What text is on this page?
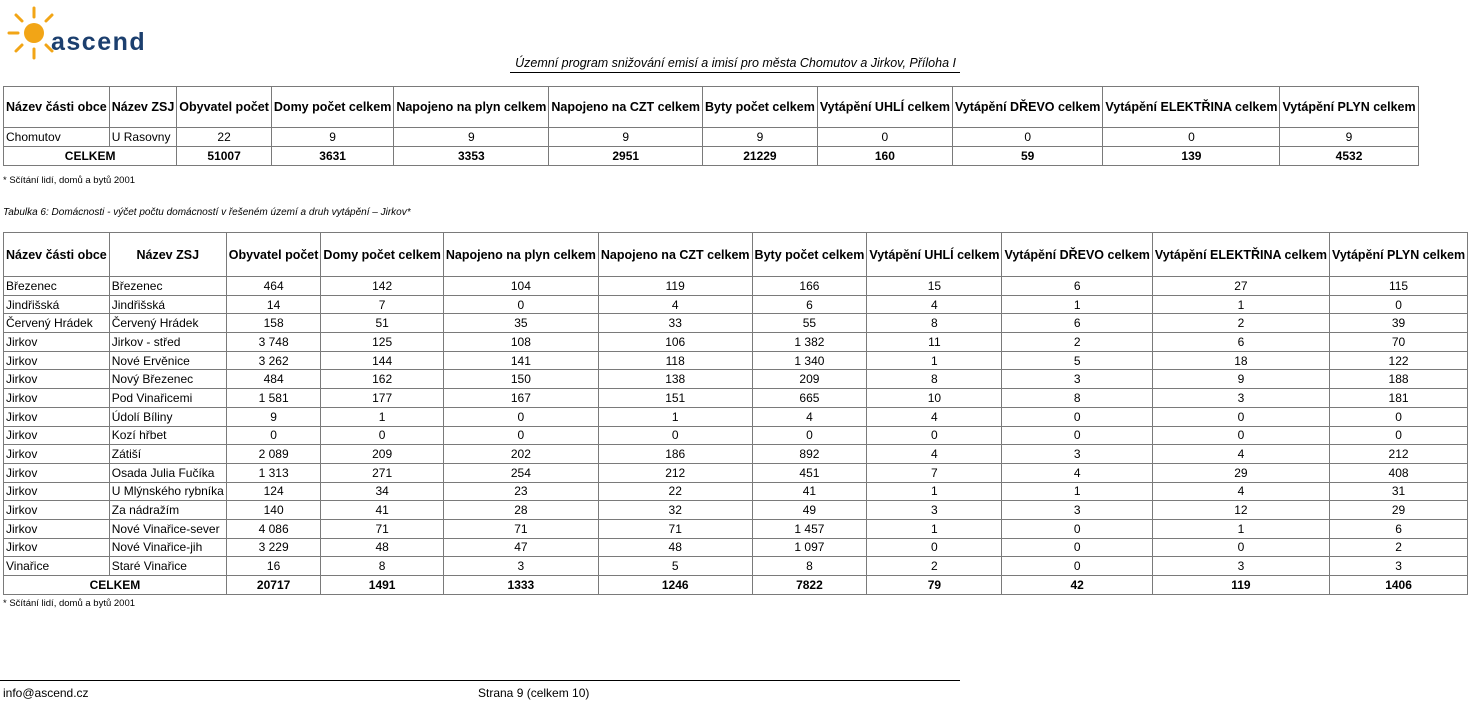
ascend
Územní program snižování emisí a imisí pro města Chomutov a Jirkov, Příloha I
Název části obce	Název ZSJ	Obyvatel počet	Domy počet celkem	Napojeno na plyn celkem	Napojeno na CZT celkem	Byty počet celkem	Vytápění UHLÍ celkem	Vytápění DŘEVO celkem	Vytápění ELEKTŘINA celkem	Vytápění PLYN celkem
Chomutov	U Rasovny	22	9	9	9	9	0	0	0	9
CELKEM		51007	3631	3353	2951	21229	160	59	139	4532
* Sčítání lidí, domů a bytů 2001
Tabulka 6: Domácnosti - výčet počtu domácností v řešeném území a druh vytápění – Jirkov*
Název části obce	Název ZSJ	Obyvatel počet	Domy počet celkem	Napojeno na plyn celkem	Napojeno na CZT celkem	Byty počet celkem	Vytápění UHLÍ celkem	Vytápění DŘEVO celkem	Vytápění ELEKTŘINA celkem	Vytápění PLYN celkem
Březenec	Březenec	464	142	104	119	166	15	6	27	115
Jindřišská	Jindřišská	14	7	0	4	6	4	1	1	0
Červený Hrádek	Červený Hrádek	158	51	35	33	55	8	6	2	39
Jirkov	Jirkov - střed	3 748	125	108	106	1 382	11	2	6	70
Jirkov	Nové Ervěnice	3 262	144	141	118	1 340	1	5	18	122
Jirkov	Nový Březenec	484	162	150	138	209	8	3	9	188
Jirkov	Pod Vinařicemi	1 581	177	167	151	665	10	8	3	181
Jirkov	Údolí Bíliny	9	1	0	1	4	4	0	0	0
Jirkov	Kozí hřbet	0	0	0	0	0	0	0	0	0
Jirkov	Zátiší	2 089	209	202	186	892	4	3	4	212
Jirkov	Osada Julia Fučíka	1 313	271	254	212	451	7	4	29	408
Jirkov	U Mlýnského rybníka	124	34	23	22	41	1	1	4	31
Jirkov	Za nádražím	140	41	28	32	49	3	3	12	29
Jirkov	Nové Vinařice-sever	4 086	71	71	71	1 457	1	0	1	6
Jirkov	Nové Vinařice-jih	3 229	48	47	48	1 097	0	0	0	2
Vinařice	Staré Vinařice	16	8	3	5	8	2	0	3	3
CELKEM		20717	1491	1333	1246	7822	79	42	119	1406
* Sčítání lidí, domů a bytů 2001
info@ascend.cz	Strana 9 (celkem 10)
